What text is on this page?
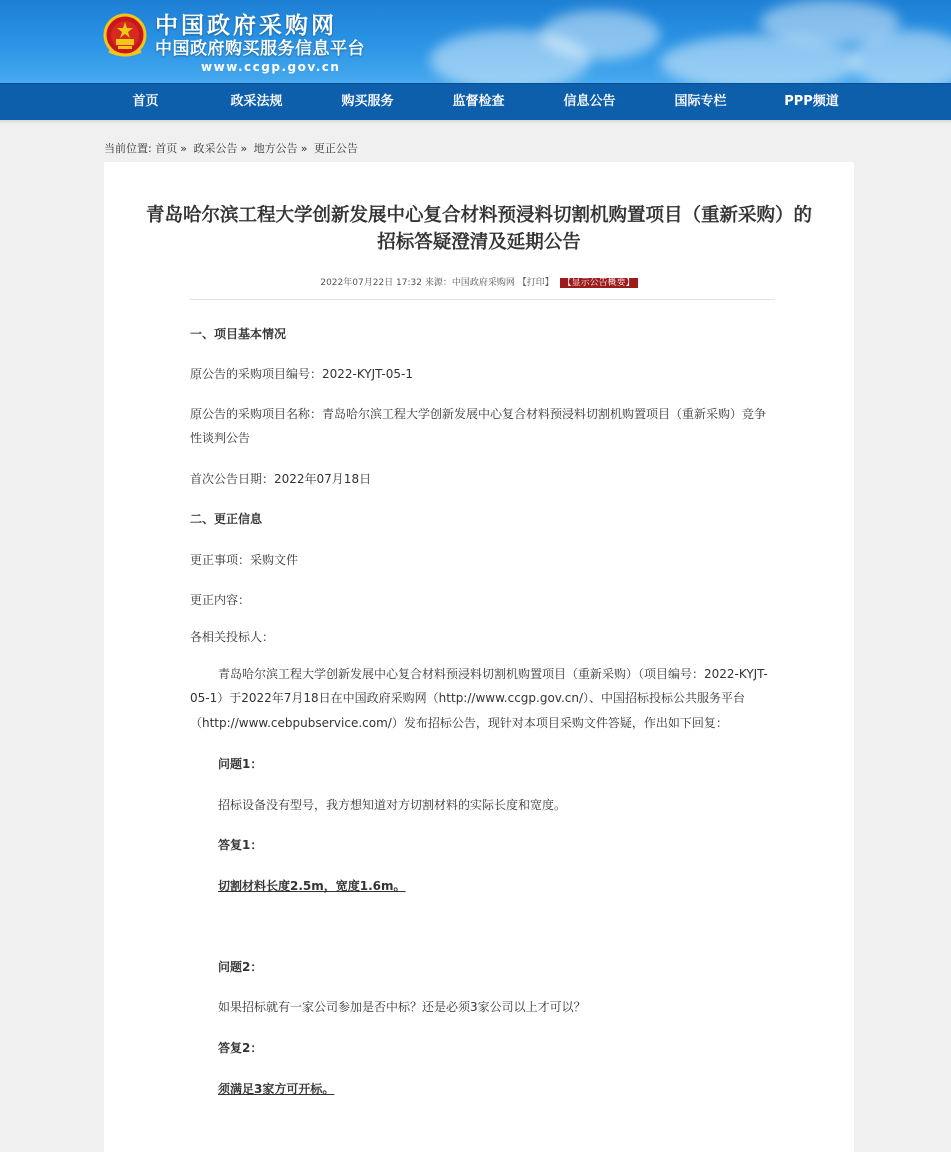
中国政府采购网
中国政府购买服务信息平台
www.ccgp.gov.cn
首页	政采法规	购买服务	监督检查	信息公告	国际专栏	PPP频道
当前位置: 首页 » 政采公告 » 地方公告 » 更正公告
青岛哈尔滨工程大学创新发展中心复合材料预浸料切割机购置项目（重新采购）的
招标答疑澄清及延期公告
2022年07月22日 17:32 来源：中国政府采购网 【打印】 【显示公告概要】

一、项目基本情况

原公告的采购项目编号：2022-KYJT-05-1

原公告的采购项目名称：青岛哈尔滨工程大学创新发展中心复合材料预浸料切割机购置项目（重新采购）竞争

性谈判公告

首次公告日期：2022年07月18日

二、更正信息

更正事项：采购文件

更正内容：

各相关投标人：

青岛哈尔滨工程大学创新发展中心复合材料预浸料切割机购置项目（重新采购）（项目编号：2022-KYJT-

05-1）于2022年7月18日在中国政府采购网（http://www.ccgp.gov.cn/）、中国招标投标公共服务平台

（http://www.cebpubservice.com/）发布招标公告，现针对本项目采购文件答疑，作出如下回复：

问题1：

招标设备没有型号，我方想知道对方切割材料的实际长度和宽度。

答复1：

切割材料长度2.5m，宽度1.6m。

问题2：

如果招标就有一家公司参加是否中标？还是必须3家公司以上才可以？

答复2：

须满足3家方可开标。
